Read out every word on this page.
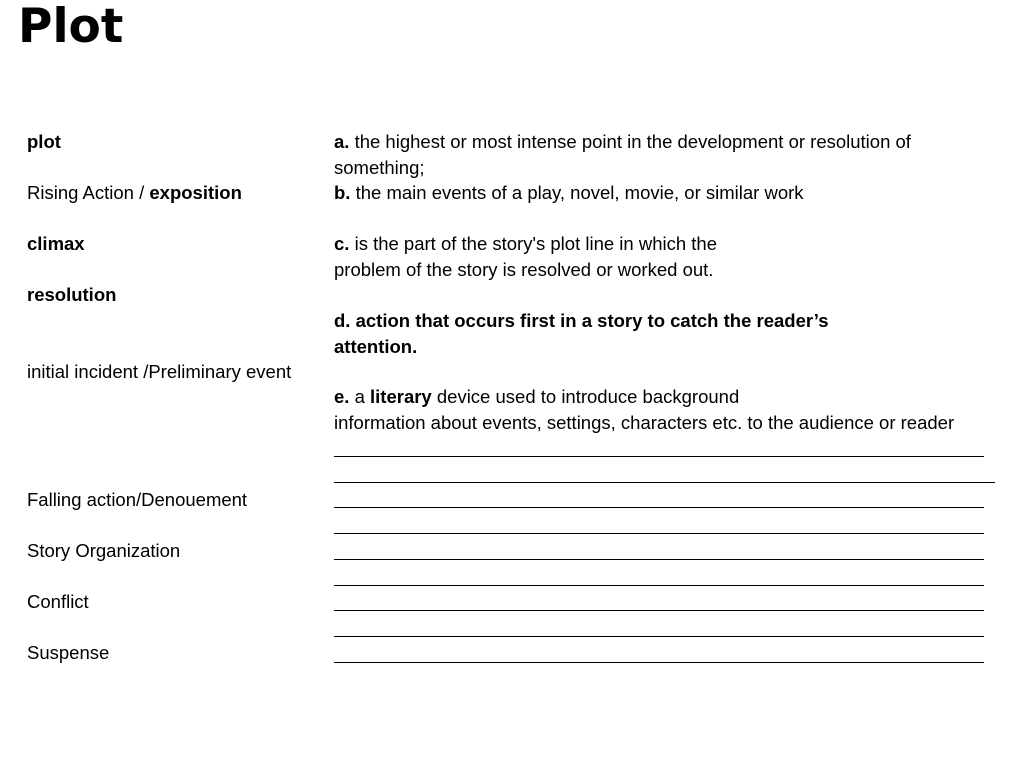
Plot
plot
Rising Action / exposition
climax
resolution
initial incident /Preliminary event
Falling action/Denouement
Story Organization
Conflict
Suspense
a. the highest or most intense point in the development or resolution of
something;
b. the main events of a play, novel, movie, or similar work
c. is the part of the story's plot line in which the
problem of the story is resolved or worked out.
d. action that occurs first in a story to catch the reader’s
attention.
e. a literary device used to introduce background
information about events, settings, characters etc. to the audience or reader
